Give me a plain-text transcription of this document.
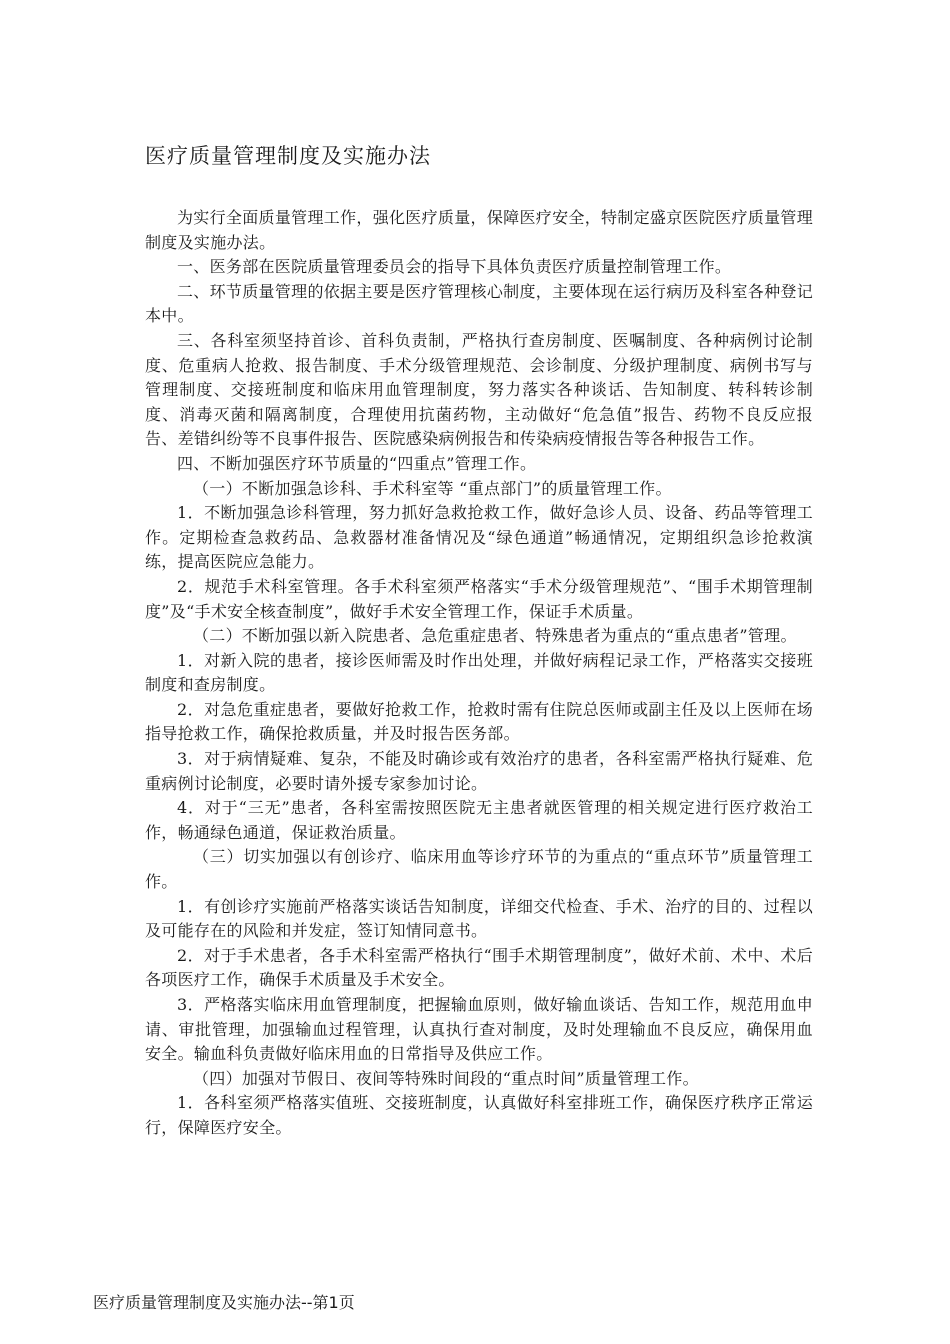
医疗质量管理制度及实施办法

为实行全面质量管理工作，强化医疗质量，保障医疗安全，特制定盛京医院医疗质量管理制度及实施办法。

一、医务部在医院质量管理委员会的指导下具体负责医疗质量控制管理工作。

二、环节质量管理的依据主要是医疗管理核心制度，主要体现在运行病历及科室各种登记本中。

三、各科室须坚持首诊、首科负责制，严格执行查房制度、医嘱制度、各种病例讨论制度、危重病人抢救、报告制度、手术分级管理规范、会诊制度、分级护理制度、病例书写与管理制度、交接班制度和临床用血管理制度，努力落实各种谈话、告知制度、转科转诊制度、消毒灭菌和隔离制度，合理使用抗菌药物，主动做好“危急值”报告、药物不良反应报告、差错纠纷等不良事件报告、医院感染病例报告和传染病疫情报告等各种报告工作。

四、不断加强医疗环节质量的“四重点”管理工作。

（一）不断加强急诊科、手术科室等 “重点部门”的质量管理工作。

1．不断加强急诊科管理，努力抓好急救抢救工作，做好急诊人员、设备、药品等管理工作。定期检查急救药品、急救器材准备情况及“绿色通道”畅通情况，定期组织急诊抢救演练，提高医院应急能力。

2．规范手术科室管理。各手术科室须严格落实“手术分级管理规范”、“围手术期管理制度”及“手术安全核查制度”，做好手术安全管理工作，保证手术质量。

（二）不断加强以新入院患者、急危重症患者、特殊患者为重点的“重点患者”管理。

1．对新入院的患者，接诊医师需及时作出处理，并做好病程记录工作，严格落实交接班制度和查房制度。

2．对急危重症患者，要做好抢救工作，抢救时需有住院总医师或副主任及以上医师在场指导抢救工作，确保抢救质量，并及时报告医务部。

3．对于病情疑难、复杂，不能及时确诊或有效治疗的患者，各科室需严格执行疑难、危重病例讨论制度，必要时请外援专家参加讨论。

4．对于“三无”患者，各科室需按照医院无主患者就医管理的相关规定进行医疗救治工作，畅通绿色通道，保证救治质量。

（三）切实加强以有创诊疗、临床用血等诊疗环节的为重点的“重点环节”质量管理工作。

1．有创诊疗实施前严格落实谈话告知制度，详细交代检查、手术、治疗的目的、过程以及可能存在的风险和并发症，签订知情同意书。

2．对于手术患者，各手术科室需严格执行“围手术期管理制度”，做好术前、术中、术后各项医疗工作，确保手术质量及手术安全。

3．严格落实临床用血管理制度，把握输血原则，做好输血谈话、告知工作，规范用血申请、审批管理，加强输血过程管理，认真执行查对制度，及时处理输血不良反应，确保用血安全。输血科负责做好临床用血的日常指导及供应工作。

（四）加强对节假日、夜间等特殊时间段的“重点时间”质量管理工作。

1．各科室须严格落实值班、交接班制度，认真做好科室排班工作，确保医疗秩序正常运行，保障医疗安全。

医疗质量管理制度及实施办法--第1页
